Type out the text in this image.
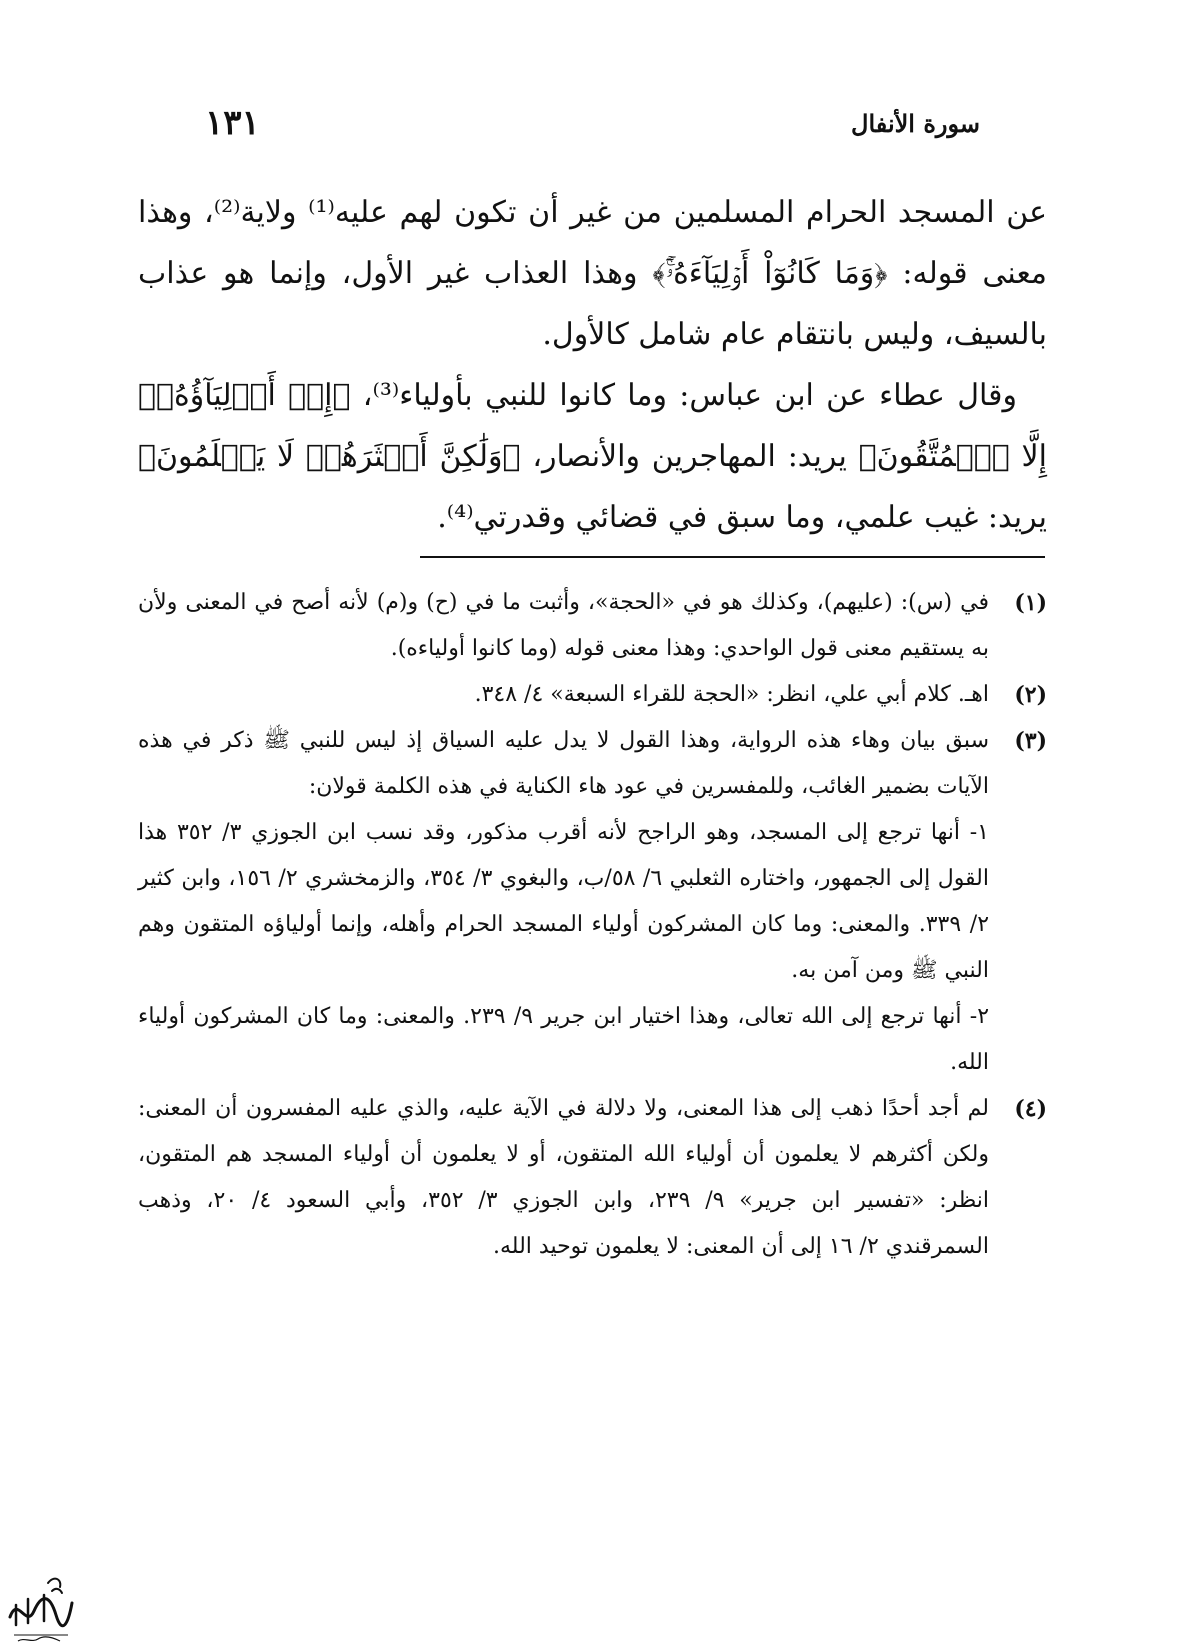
سورة الأنفال
١٣١

عن المسجد الحرام المسلمين من غير أن تكون لهم عليه⁽¹⁾ ولاية⁽²⁾، وهذا معنى قوله: ﴿وَمَا كَانُوٓاْ أَوۡلِيَآءَهُۥٓۚ﴾ وهذا العذاب غير الأول، وإنما هو عذاب بالسيف، وليس بانتقام عام شامل كالأول.

وقال عطاء عن ابن عباس: وما كانوا للنبي بأولياء⁽³⁾، ﴿إِنۡ أَوۡلِيَآؤُهُۥٓ إِلَّا ٱلۡمُتَّقُونَ﴾ يريد: المهاجرين والأنصار، ﴿وَلَٰكِنَّ أَكۡثَرَهُمۡ لَا يَعۡلَمُونَ﴾ يريد: غيب علمي، وما سبق في قضائي وقدرتي⁽⁴⁾.

(١)

في (س): (عليهم)، وكذلك هو في «الحجة»، وأثبت ما في (ح) و(م) لأنه أصح في المعنى ولأن به يستقيم معنى قول الواحدي: وهذا معنى قوله (وما كانوا أولياءه).

(٢)

اهـ. كلام أبي علي، انظر: «الحجة للقراء السبعة» ٤/ ٣٤٨.

(٣)

سبق بيان وهاء هذه الرواية، وهذا القول لا يدل عليه السياق إذ ليس للنبي ﷺ ذكر في هذه الآيات بضمير الغائب، وللمفسرين في عود هاء الكناية في هذه الكلمة قولان:

١- أنها ترجع إلى المسجد، وهو الراجح لأنه أقرب مذكور، وقد نسب ابن الجوزي ٣/ ٣٥٢ هذا القول إلى الجمهور، واختاره الثعلبي ٦/ ٥٨/ب، والبغوي ٣/ ٣٥٤، والزمخشري ٢/ ١٥٦، وابن كثير ٢/ ٣٣٩. والمعنى: وما كان المشركون أولياء المسجد الحرام وأهله، وإنما أولياؤه المتقون وهم النبي ﷺ ومن آمن به.

٢- أنها ترجع إلى الله تعالى، وهذا اختيار ابن جرير ٩/ ٢٣٩. والمعنى: وما كان المشركون أولياء الله.

(٤)

لم أجد أحدًا ذهب إلى هذا المعنى، ولا دلالة في الآية عليه، والذي عليه المفسرون أن المعنى: ولكن أكثرهم لا يعلمون أن أولياء الله المتقون، أو لا يعلمون أن أولياء المسجد هم المتقون، انظر: «تفسير ابن جرير» ٩/ ٢٣٩، وابن الجوزي ٣/ ٣٥٢، وأبي السعود ٤/ ٢٠، وذهب السمرقندي ٢/ ١٦ إلى أن المعنى: لا يعلمون توحيد الله.
